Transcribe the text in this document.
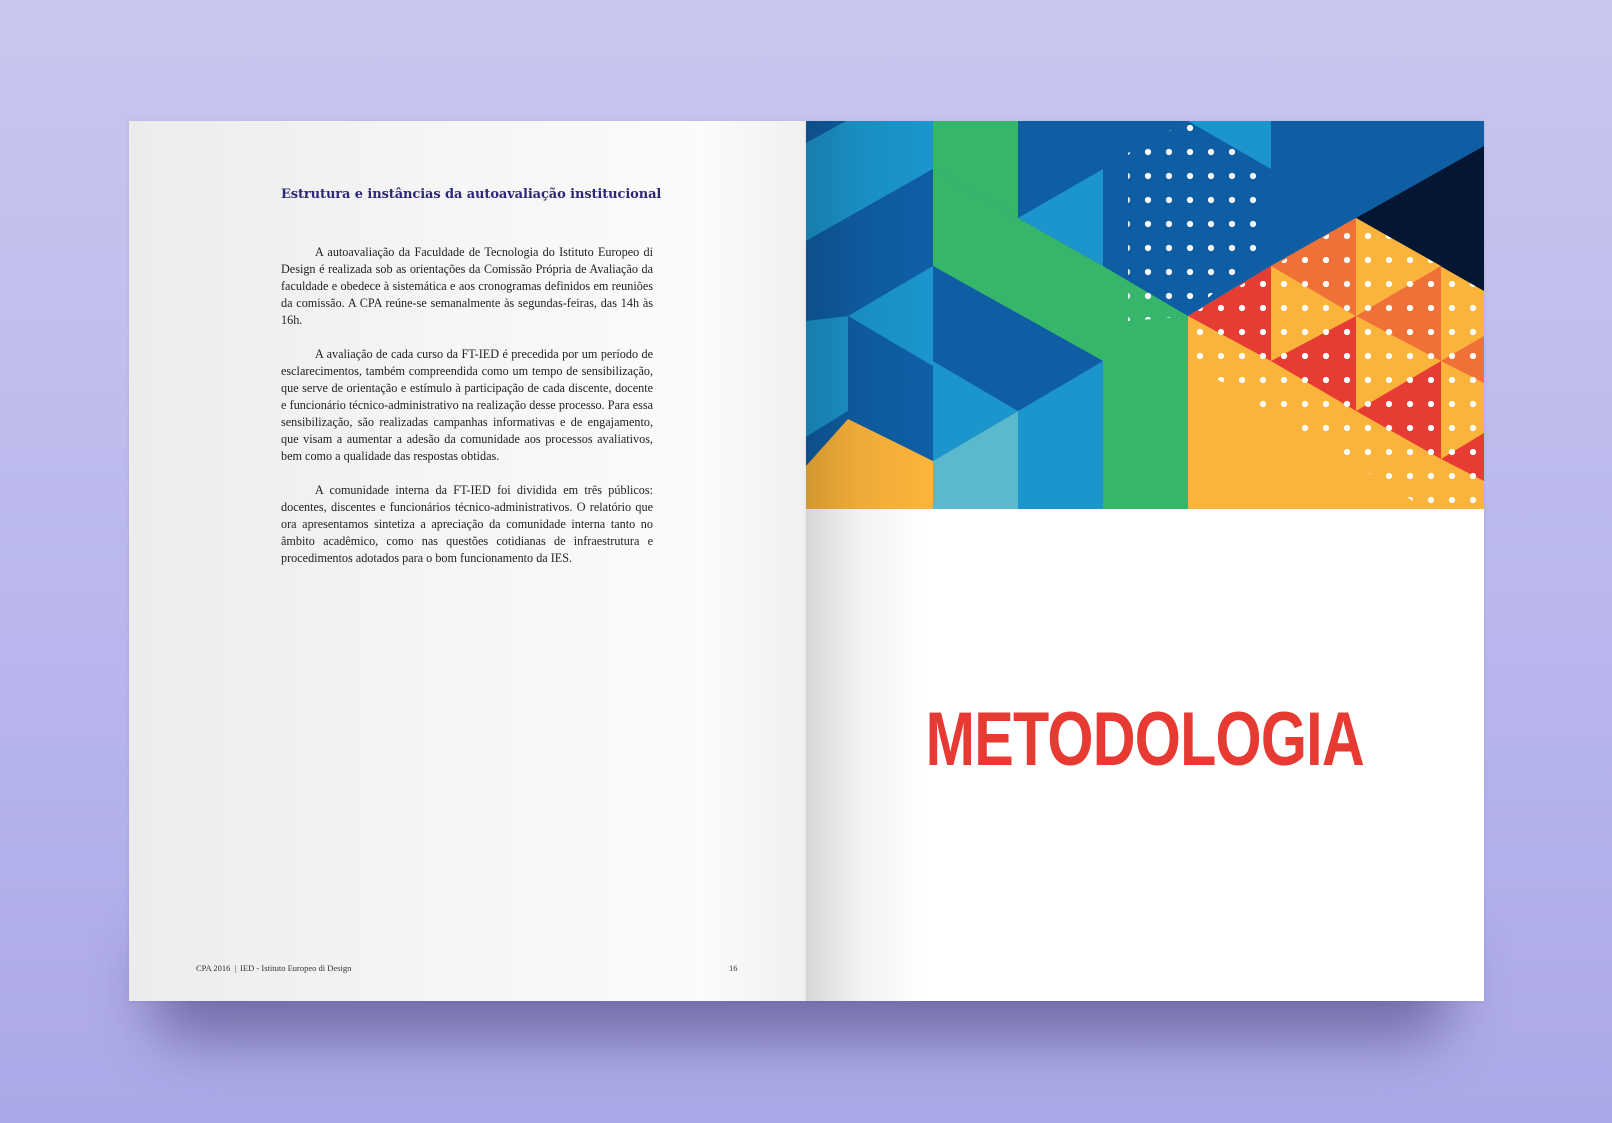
Estrutura e instâncias da autoavaliação institucional

A autoavaliação da Faculdade de Tecnologia do Istituto Europeo di Design é realizada sob as orientações da Comissão Própria de Avaliação da faculdade e obedece à sistemática e aos cronogramas definidos em reuniões da comissão. A CPA reúne-se semanalmente às segundas-feiras, das 14h às 16h.

A avaliação de cada curso da FT-IED é precedida por um período de esclarecimentos, também compreendida como um tempo de sensibilização, que serve de orientação e estímulo à participação de cada discente, docente e funcionário técnico-administrativo na realização desse processo. Para essa sensibilização, são realizadas campanhas informativas e de engajamento, que visam a aumentar a adesão da comunidade aos processos avaliativos, bem como a qualidade das respostas obtidas.

A comunidade interna da FT-IED foi dividida em três públicos: docentes, discentes e funcionários técnico-administrativos. O relatório que ora apresentamos sintetiza a apreciação da comunidade interna tanto no âmbito acadêmico, como nas questões cotidianas de infraestrutura e procedimentos adotados para o bom funcionamento da IES.

CPA 2016 | IED - Istituto Europeo di Design	16
METODOLOGIA
